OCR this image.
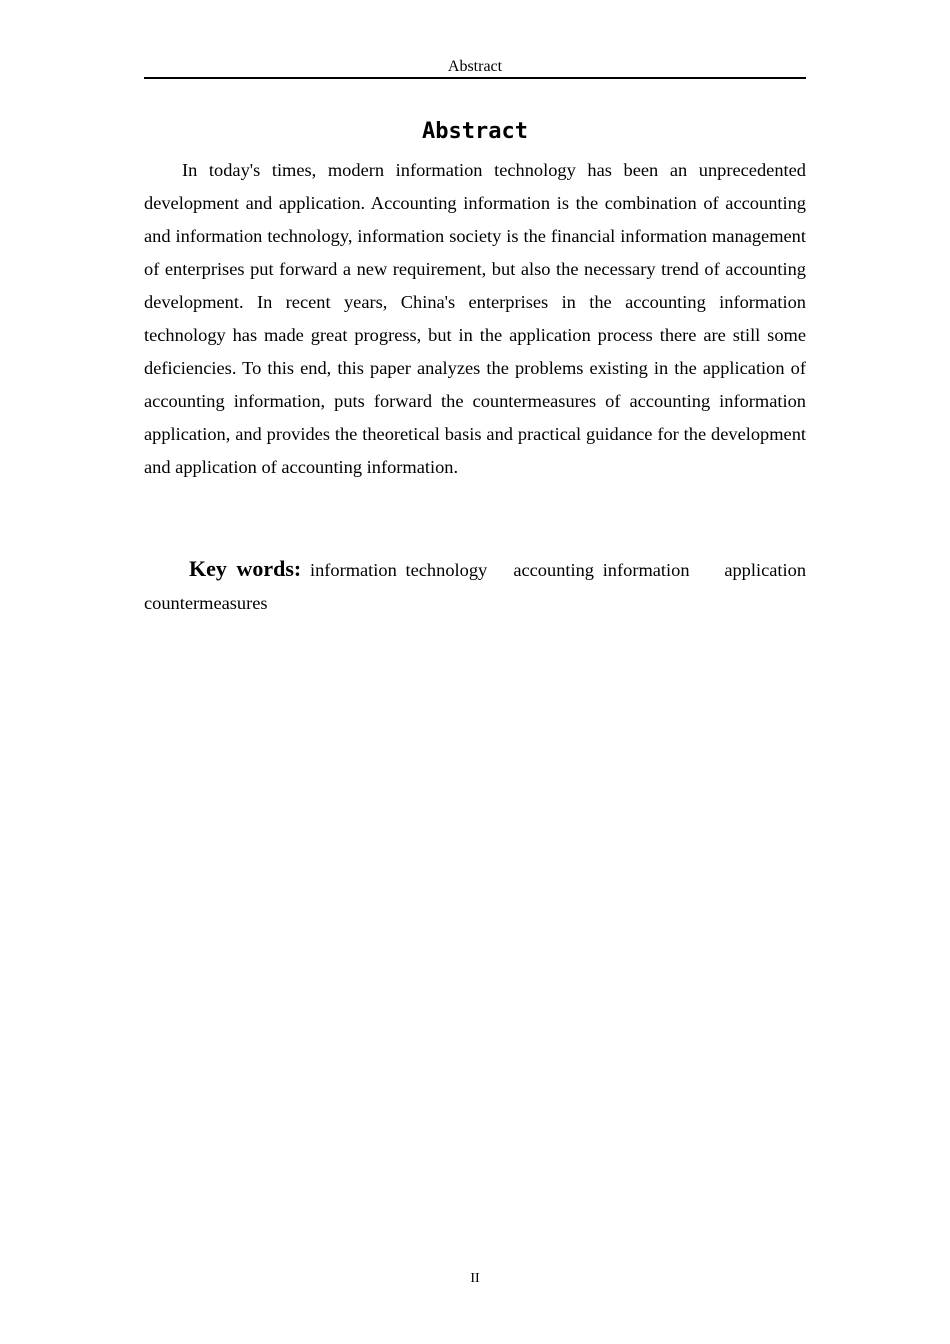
Abstract
Abstract

In today's times, modern information technology has been an unprecedented development and application. Accounting information is the combination of accounting and information technology, information society is the financial information management of enterprises put forward a new requirement, but also the necessary trend of accounting development. In recent years, China's enterprises in the accounting information technology has made great progress, but in the application process there are still some deficiencies. To this end, this paper analyzes the problems existing in the application of accounting information, puts forward the countermeasures of accounting information application, and provides the theoretical basis and practical guidance for the development and application of accounting information.

Key words: information technology accounting information application countermeasures

II
